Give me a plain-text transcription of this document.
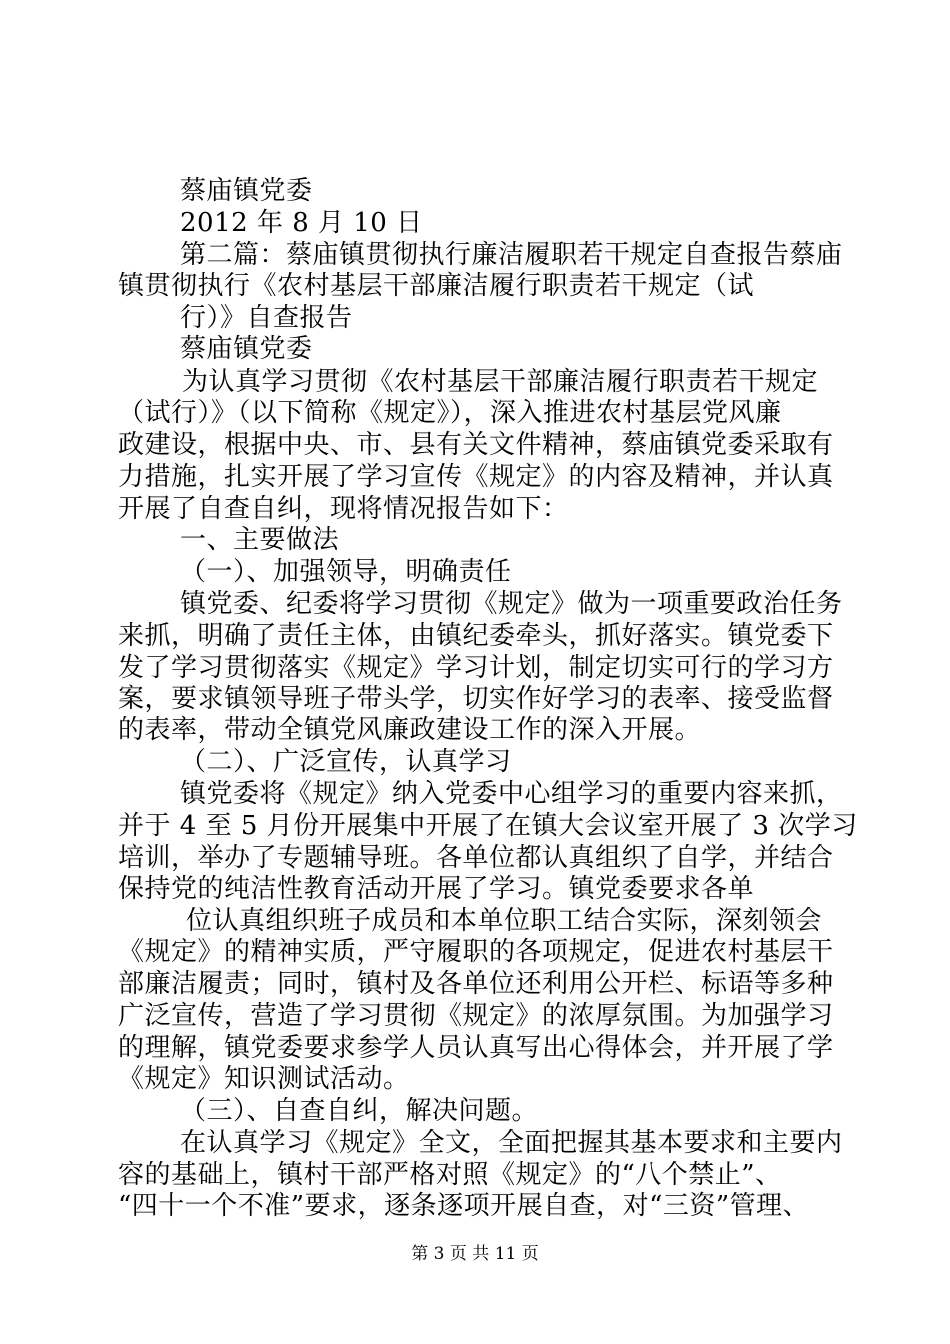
蔡庙镇党委
2012 年 8 月 10 日
第二篇：蔡庙镇贯彻执行廉洁履职若干规定自查报告蔡庙
镇贯彻执行《农村基层干部廉洁履行职责若干规定（试
行）》自查报告
蔡庙镇党委
为认真学习贯彻《农村基层干部廉洁履行职责若干规定
（试行）》（以下简称《规定》），深入推进农村基层党风廉
政建设，根据中央、市、县有关文件精神，蔡庙镇党委采取有
力措施，扎实开展了学习宣传《规定》的内容及精神，并认真
开展了自查自纠，现将情况报告如下：
一、主要做法
（一）、加强领导，明确责任
镇党委、纪委将学习贯彻《规定》做为一项重要政治任务
来抓，明确了责任主体，由镇纪委牵头，抓好落实。镇党委下
发了学习贯彻落实《规定》学习计划，制定切实可行的学习方
案，要求镇领导班子带头学，切实作好学习的表率、接受监督
的表率，带动全镇党风廉政建设工作的深入开展。
（二）、广泛宣传，认真学习
镇党委将《规定》纳入党委中心组学习的重要内容来抓，
并于 4 至 5 月份开展集中开展了在镇大会议室开展了 3 次学习
培训，举办了专题辅导班。各单位都认真组织了自学，并结合
保持党的纯洁性教育活动开展了学习。镇党委要求各单
位认真组织班子成员和本单位职工结合实际，深刻领会
《规定》的精神实质，严守履职的各项规定，促进农村基层干
部廉洁履责；同时，镇村及各单位还利用公开栏、标语等多种
广泛宣传，营造了学习贯彻《规定》的浓厚氛围。为加强学习
的理解，镇党委要求参学人员认真写出心得体会，并开展了学
《规定》知识测试活动。
（三）、自查自纠，解决问题。
在认真学习《规定》全文，全面把握其基本要求和主要内
容的基础上，镇村干部严格对照《规定》的“八个禁止”、
“四十一个不准”要求，逐条逐项开展自查，对“三资”管理、
第 3 页 共 11 页
